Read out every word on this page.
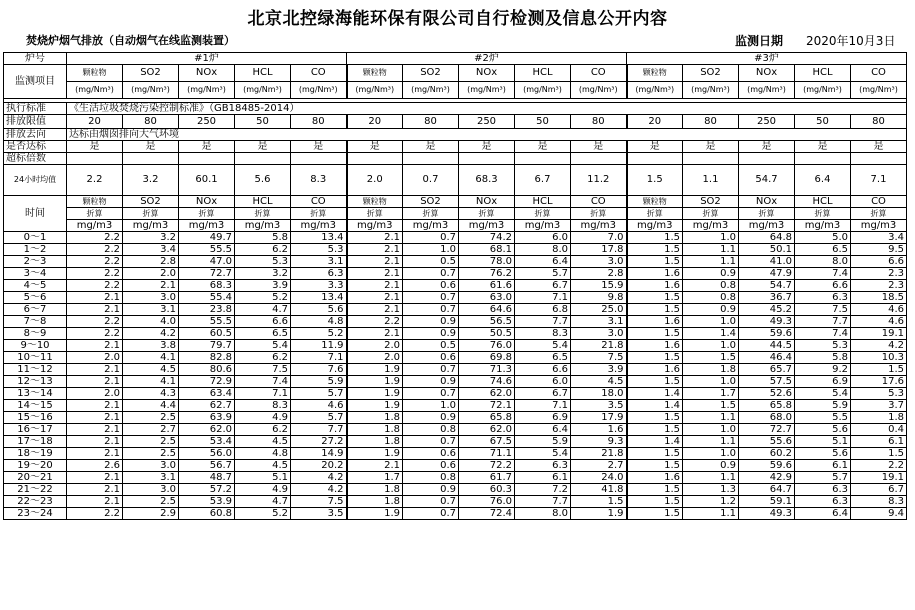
北京北控绿海能环保有限公司自行检测及信息公开内容
焚烧炉烟气排放（自动烟气在线监测装置）	监测日期 2020年10月3日
炉号	#1炉					#2炉					#3炉				
监测项目	颗粒物	SO2	NOx	HCL	CO	颗粒物	SO2	NOx	HCL	CO	颗粒物	SO2	NOx	HCL	CO
	(mg/Nm³)	(mg/Nm³)	(mg/Nm³)	(mg/Nm³)	(mg/Nm³)	(mg/Nm³)	(mg/Nm³)	(mg/Nm³)	(mg/Nm³)	(mg/Nm³)	(mg/Nm³)	(mg/Nm³)	(mg/Nm³)	(mg/Nm³)	(mg/Nm³)

执行标准	《生活垃圾焚烧污染控制标准》（GB18485-2014）														
排放限值	20	80	250	50	80	20	80	250	50	80	20	80	250	50	80
排放去向	达标由烟囱排向大气环境														
是否达标	是	是	是	是	是	是	是	是	是	是	是	是	是	是	是
超标倍数															
24小时均值	2.2	3.2	60.1	5.6	8.3	2.0	0.7	68.3	6.7	11.2	1.5	1.1	54.7	6.4	7.1
时间	颗粒物	SO2	NOx	HCL	CO	颗粒物	SO2	NOx	HCL	CO	颗粒物	SO2	NOx	HCL	CO
	折算	折算	折算	折算	折算	折算	折算	折算	折算	折算	折算	折算	折算	折算	折算
	mg/m3	mg/m3	mg/m3	mg/m3	mg/m3	mg/m3	mg/m3	mg/m3	mg/m3	mg/m3	mg/m3	mg/m3	mg/m3	mg/m3	mg/m3
0～1	2.2	3.2	49.7	5.8	13.4	2.1	0.7	74.2	6.0	7.0	1.5	1.0	64.8	5.0	3.4
1～2	2.2	3.4	55.5	6.2	5.3	2.1	1.0	68.1	8.0	17.8	1.5	1.1	50.1	6.5	9.5
2～3	2.2	2.8	47.0	5.3	3.1	2.1	0.5	78.0	6.4	3.0	1.5	1.1	41.0	8.0	6.6
3～4	2.2	2.0	72.7	3.2	6.3	2.1	0.7	76.2	5.7	2.8	1.6	0.9	47.9	7.4	2.3
4～5	2.2	2.1	68.3	3.9	3.3	2.1	0.6	61.6	6.7	15.9	1.6	0.8	54.7	6.6	2.3
5～6	2.1	3.0	55.4	5.2	13.4	2.1	0.7	63.0	7.1	9.8	1.5	0.8	36.7	6.3	18.5
6～7	2.1	3.1	23.8	4.7	5.6	2.1	0.7	64.6	6.8	25.0	1.5	0.9	45.2	7.5	4.6
7～8	2.2	4.0	55.5	6.6	4.8	2.2	0.9	56.5	7.7	3.1	1.6	1.0	49.3	7.7	4.6
8～9	2.2	4.2	60.5	6.5	5.2	2.1	0.9	50.5	8.3	3.0	1.5	1.4	59.6	7.4	19.1
9～10	2.1	3.8	79.7	5.4	11.9	2.0	0.5	76.0	5.4	21.8	1.6	1.0	44.5	5.3	4.2
10～11	2.0	4.1	82.8	6.2	7.1	2.0	0.6	69.8	6.5	7.5	1.5	1.5	46.4	5.8	10.3
11～12	2.1	4.5	80.6	7.5	7.6	1.9	0.7	71.3	6.6	3.9	1.6	1.8	65.7	9.2	1.5
12～13	2.1	4.1	72.9	7.4	5.9	1.9	0.9	74.6	6.0	4.5	1.5	1.0	57.5	6.9	17.6
13～14	2.0	4.3	63.4	7.1	5.7	1.9	0.7	62.0	6.7	18.0	1.4	1.7	52.6	5.4	5.3
14～15	2.1	4.4	62.7	8.3	4.6	1.9	1.0	72.1	7.1	3.5	1.4	1.5	65.8	5.9	3.7
15～16	2.1	2.5	63.9	4.9	5.7	1.8	0.9	65.8	6.9	17.9	1.5	1.1	68.0	5.5	1.8
16～17	2.1	2.7	62.0	6.2	7.7	1.8	0.8	62.0	6.4	1.6	1.5	1.0	72.7	5.6	0.4
17～18	2.1	2.5	53.4	4.5	27.2	1.8	0.7	67.5	5.9	9.3	1.4	1.1	55.6	5.1	6.1
18～19	2.1	2.5	56.0	4.8	14.9	1.9	0.6	71.1	5.4	21.8	1.5	1.0	60.2	5.6	1.5
19～20	2.6	3.0	56.7	4.5	20.2	2.1	0.6	72.2	6.3	2.7	1.5	0.9	59.6	6.1	2.2
20～21	2.1	3.1	48.7	5.1	4.2	1.7	0.8	61.7	6.1	24.0	1.6	1.1	42.9	5.7	19.1
21～22	2.1	3.0	57.2	4.9	4.2	1.8	0.9	60.3	7.2	41.8	1.5	1.3	64.7	6.3	6.7
22～23	2.1	2.5	53.9	4.7	7.5	1.8	0.7	76.0	7.7	1.5	1.5	1.2	59.1	6.3	8.3
23～24	2.2	2.9	60.8	5.2	3.5	1.9	0.7	72.4	8.0	1.9	1.5	1.1	49.3	6.4	9.4
